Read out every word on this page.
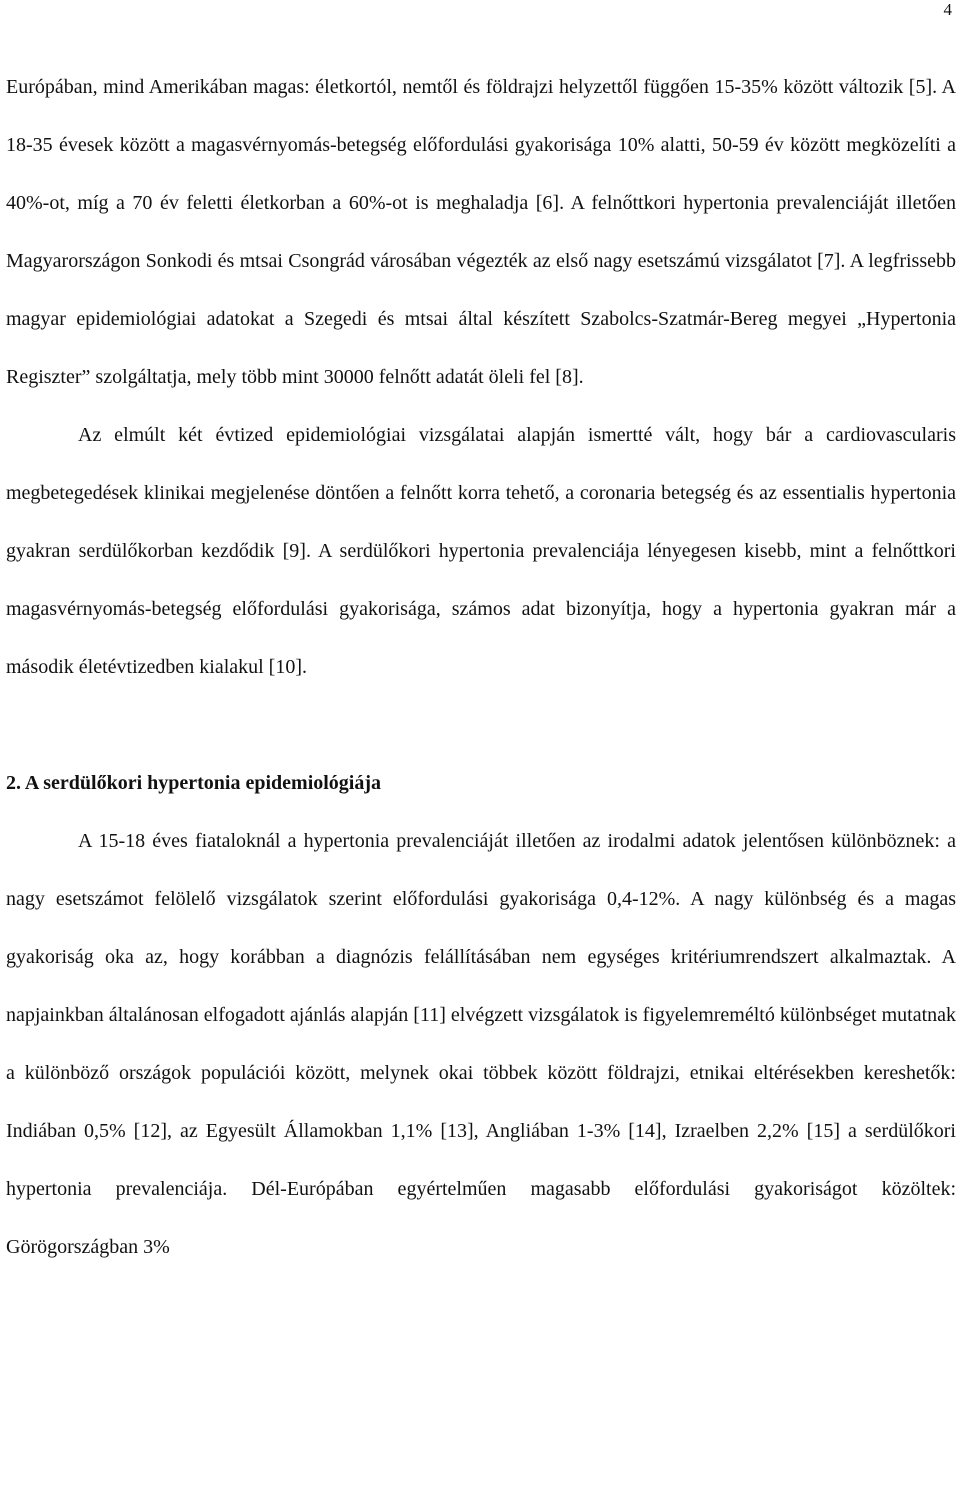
4

Európában, mind Amerikában magas: életkortól, nemtől és földrajzi helyzettől függően 15-35% között változik [5]. A 18-35 évesek között a magasvérnyomás-betegség előfordulási gyakorisága 10% alatti, 50-59 év között megközelíti a 40%-ot, míg a 70 év feletti életkorban a 60%-ot is meghaladja [6]. A felnőttkori hypertonia prevalenciáját illetően Magyarországon Sonkodi és mtsai Csongrád városában végezték az első nagy esetszámú vizsgálatot [7]. A legfrissebb magyar epidemiológiai adatokat a Szegedi és mtsai által készített Szabolcs-Szatmár-Bereg megyei „Hypertonia Regiszter” szolgáltatja, mely több mint 30000 felnőtt adatát öleli fel [8].

Az elmúlt két évtized epidemiológiai vizsgálatai alapján ismertté vált, hogy bár a cardiovascularis megbetegedések klinikai megjelenése döntően a felnőtt korra tehető, a coronaria betegség és az essentialis hypertonia gyakran serdülőkorban kezdődik [9]. A serdülőkori hypertonia prevalenciája lényegesen kisebb, mint a felnőttkori magasvérnyomás-betegség előfordulási gyakorisága, számos adat bizonyítja, hogy a hypertonia gyakran már a második életévtizedben kialakul [10].

2. A serdülőkori hypertonia epidemiológiája

A 15-18 éves fiataloknál a hypertonia prevalenciáját illetően az irodalmi adatok jelentősen különböznek: a nagy esetszámot felölelő vizsgálatok szerint előfordulási gyakorisága 0,4-12%. A nagy különbség és a magas gyakoriság oka az, hogy korábban a diagnózis felállításában nem egységes kritériumrendszert alkalmaztak. A napjainkban általánosan elfogadott ajánlás alapján [11] elvégzett vizsgálatok is figyelemreméltó különbséget mutatnak a különböző országok populációi között, melynek okai többek között földrajzi, etnikai eltérésekben kereshetők: Indiában 0,5% [12], az Egyesült Államokban 1,1% [13], Angliában 1-3% [14], Izraelben 2,2% [15] a serdülőkori hypertonia prevalenciája. Dél-Európában egyértelműen magasabb előfordulási gyakoriságot közöltek: Görögországban 3%
